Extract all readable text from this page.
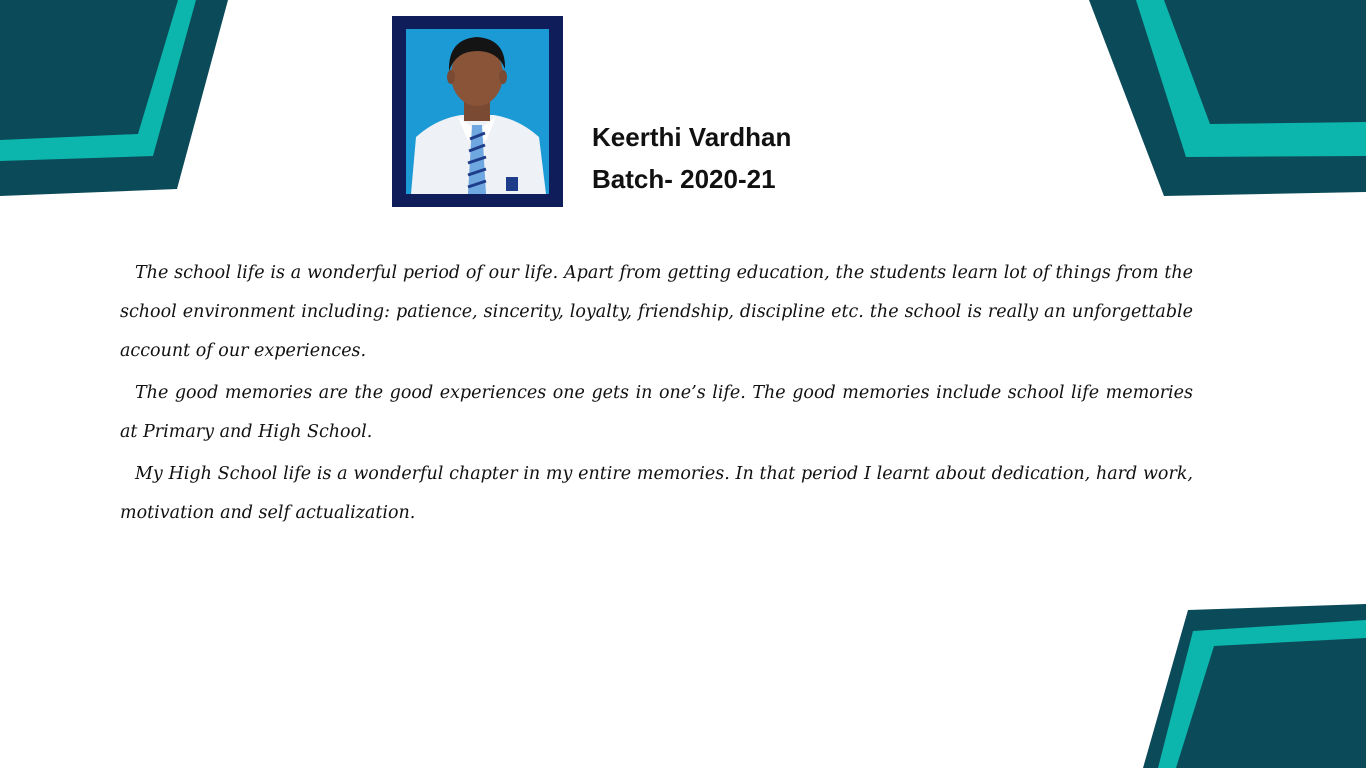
Keerthi Vardhan

Batch- 2020-21

The school life is a wonderful period of our life. Apart from getting education, the students learn lot of things from the school environment including: patience, sincerity, loyalty, friendship, discipline etc. the school is really an unforgettable account of our experiences.

The good memories are the good experiences one gets in one’s life. The good memories include school life memories at Primary and High School.

My High School life is a wonderful chapter in my entire memories. In that period I learnt about dedication, hard work, motivation and self actualization.
